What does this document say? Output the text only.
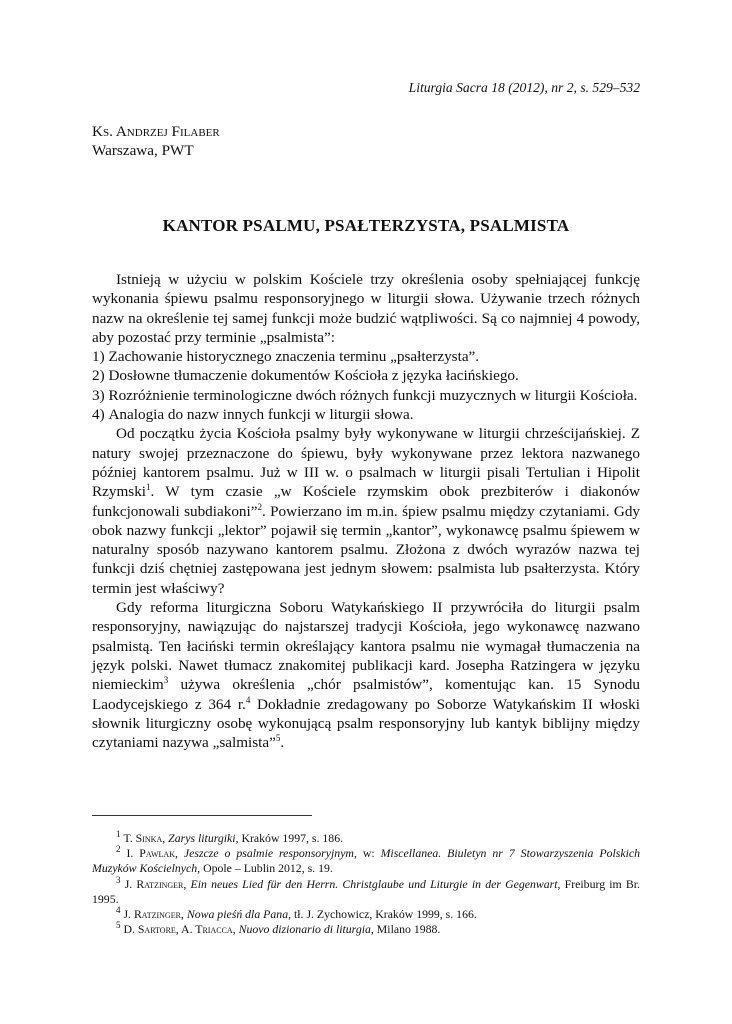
Liturgia Sacra 18 (2012), nr 2, s. 529–532
Ks. Andrzej Filaber
Warszawa, PWT
KANTOR PSALMU, PSAŁTERZYSTA, PSALMISTA

Istnieją w użyciu w polskim Kościele trzy określenia osoby spełniającej funkcję wykonania śpiewu psalmu responsoryjnego w liturgii słowa. Używanie trzech różnych nazw na określenie tej samej funkcji może budzić wątpliwości. Są co najmniej 4 powody, aby pozostać przy terminie „psalmista”:

1) Zachowanie historycznego znaczenia terminu „psałterzysta”.
2) Dosłowne tłumaczenie dokumentów Kościoła z języka łacińskiego.
3) Rozróżnienie terminologiczne dwóch różnych funkcji muzycznych w liturgii Kościoła.
4) Analogia do nazw innych funkcji w liturgii słowa.

Od początku życia Kościoła psalmy były wykonywane w liturgii chrześcijańskiej. Z natury swojej przeznaczone do śpiewu, były wykonywane przez lektora nazwanego później kantorem psalmu. Już w III w. o psalmach w liturgii pisali Tertulian i Hipolit Rzymski$^1$. W tym czasie „w Kościele rzymskim obok prezbiterów i diakonów funkcjonowali subdiakoni”$^2$. Powierzano im m.in. śpiew psalmu między czytaniami. Gdy obok nazwy funkcji „lektor” pojawił się termin „kantor”, wykonawcę psalmu śpiewem w naturalny sposób nazywano kantorem psalmu. Złożona z dwóch wyrazów nazwa tej funkcji dziś chętniej zastępowana jest jednym słowem: psalmista lub psałterzysta. Który termin jest właściwy?

Gdy reforma liturgiczna Soboru Watykańskiego II przywróciła do liturgii psalm responsoryjny, nawiązując do najstarszej tradycji Kościoła, jego wykonawcę nazwano psalmistą. Ten łaciński termin określający kantora psalmu nie wymagał tłumaczenia na język polski. Nawet tłumacz znakomitej publikacji kard. Josepha Ratzingera w języku niemieckim$^3$ używa określenia „chór psalmistów”, komentując kan. 15 Synodu Laodycejskiego z 364 r.$^4$ Dokładnie zredagowany po Soborze Watykańskim II włoski słownik liturgiczny osobę wykonującą psalm responsoryjny lub kantyk biblijny między czytaniami nazywa „salmista”$^5$.

$^1$ T. Sinka, Zarys liturgiki, Kraków 1997, s. 186.
$^2$ I. Pawlak, Jeszcze o psalmie responsoryjnym, w: Miscellanea. Biuletyn nr 7 Stowarzyszenia Polskich Muzyków Kościelnych, Opole – Lublin 2012, s. 19.
$^3$ J. Ratzinger, Ein neues Lied für den Herrn. Christglaube und Liturgie in der Gegenwart, Freiburg im Br. 1995.
$^4$ J. Ratzinger, Nowa pieśń dla Pana, tł. J. Zychowicz, Kraków 1999, s. 166.
$^5$ D. Sartore, A. Triacca, Nuovo dizionario di liturgia, Milano 1988.
